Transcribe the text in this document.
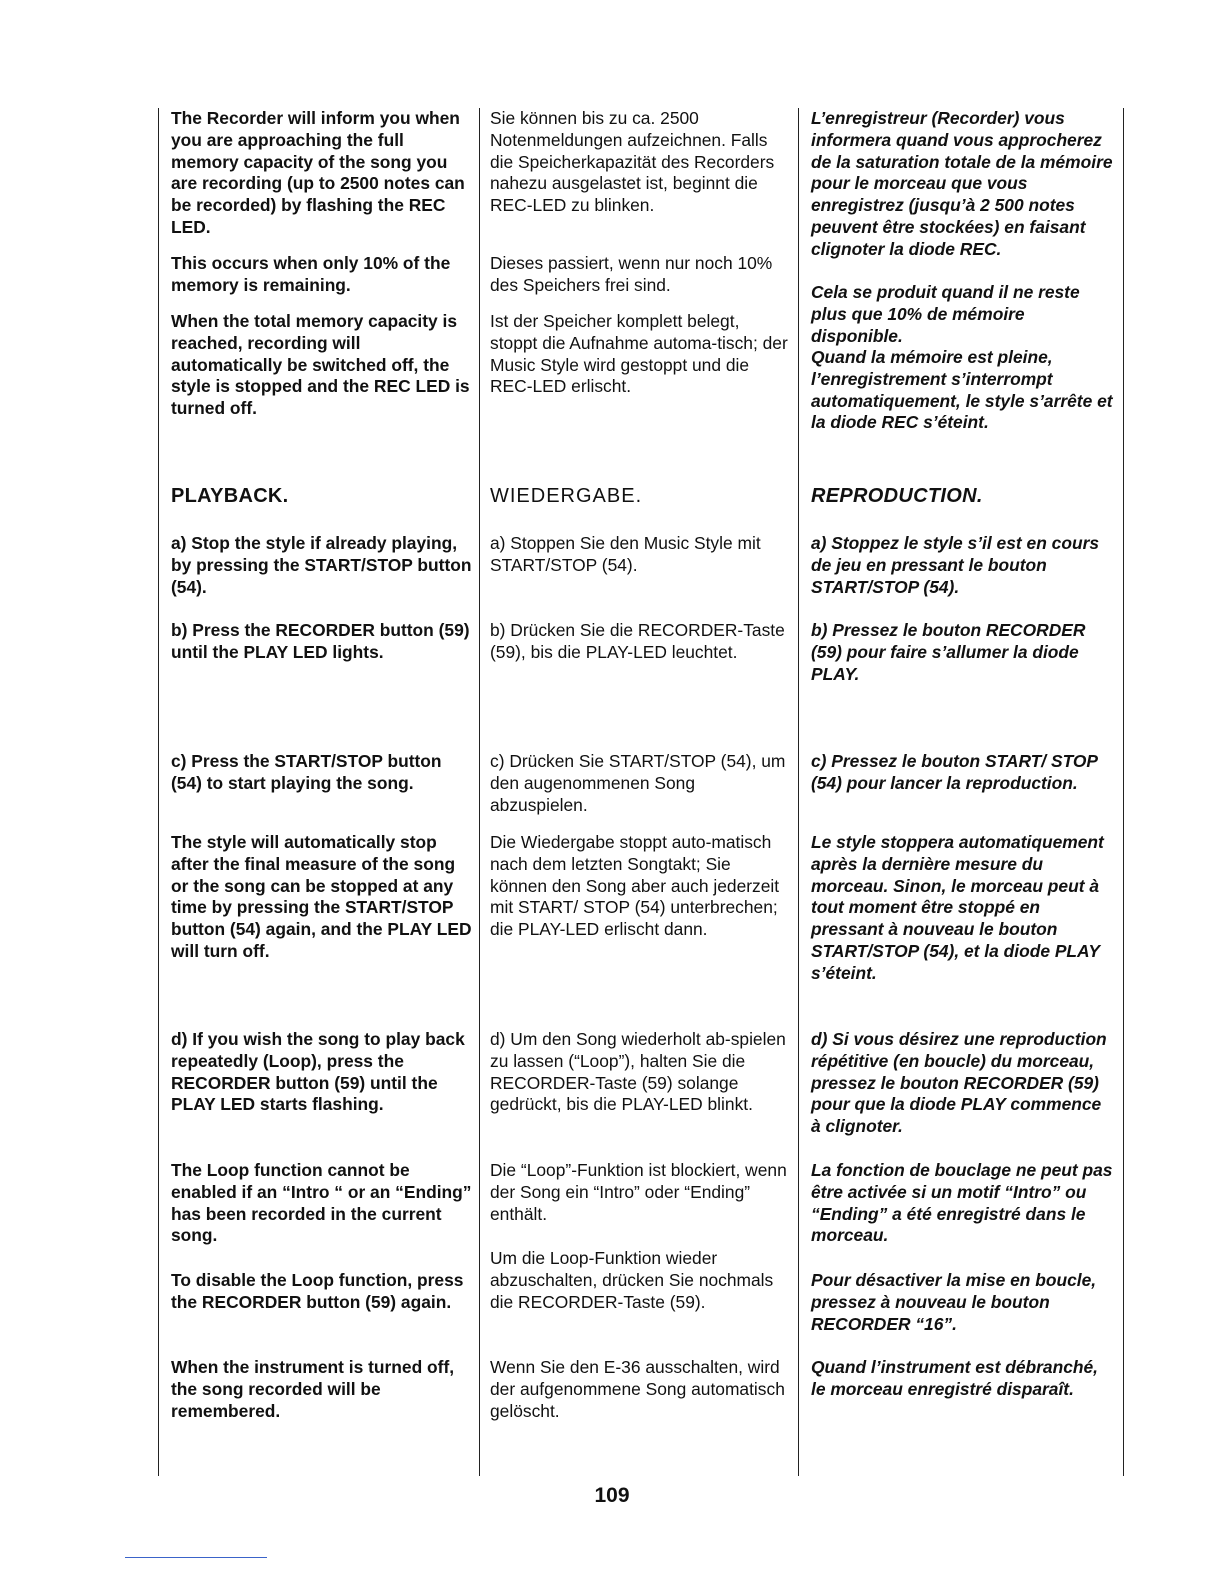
The Recorder will inform you when you are approaching the full memory capacity of the song you are recording (up to 2500 notes can be recorded) by flashing the REC LED.

This occurs when only 10% of the memory is remaining.

When the total memory capacity is reached, recording will automatically be switched off, the style is stopped and the REC LED is turned off.

PLAYBACK.

a) Stop the style if already playing, by pressing the START/STOP button (54).

b) Press the RECORDER button (59) until the PLAY LED lights.

c) Press the START/STOP button (54) to start playing the song.

The style will automatically stop after the final measure of the song or the song can be stopped at any time by pressing the START/STOP button (54) again, and the PLAY LED will turn off.

d) If you wish the song to play back repeatedly (Loop), press the RECORDER button (59) until the PLAY LED starts flashing.

The Loop function cannot be enabled if an “Intro “ or an “Ending” has been recorded in the current song.

To disable the Loop function, press the RECORDER button (59) again.

When the instrument is turned off, the song recorded will be remembered.

Sie können bis zu ca. 2500 Notenmeldungen aufzeichnen. Falls die Speicherkapazität des Recorders nahezu ausgelastet ist, beginnt die REC-LED zu blinken.

Dieses passiert, wenn nur noch 10% des Speichers frei sind.

Ist der Speicher komplett belegt, stoppt die Aufnahme automa-tisch; der Music Style wird gestoppt und die REC-LED erlischt.

WIEDERGABE.

a) Stoppen Sie den Music Style mit START/STOP (54).

b) Drücken Sie die RECORDER-Taste (59), bis die PLAY-LED leuchtet.

c) Drücken Sie START/STOP (54), um den augenommenen Song abzuspielen.

Die Wiedergabe stoppt auto-matisch nach dem letzten Songtakt; Sie können den Song aber auch jederzeit mit START/ STOP (54) unterbrechen; die PLAY-LED erlischt dann.

d) Um den Song wiederholt ab-spielen zu lassen (“Loop”), halten Sie die RECORDER-Taste (59) solange gedrückt, bis die PLAY-LED blinkt.

Die “Loop”-Funktion ist blockiert, wenn der Song ein “Intro” oder “Ending” enthält.

Um die Loop-Funktion wieder abzuschalten, drücken Sie nochmals die RECORDER-Taste (59).

Wenn Sie den E-36 ausschalten, wird der aufgenommene Song automatisch gelöscht.

L’enregistreur (Recorder) vous informera quand vous approcherez de la saturation totale de la mémoire pour le morceau que vous enregistrez (jusqu’à 2 500 notes peuvent être stockées) en faisant clignoter la diode REC.

Cela se produit quand il ne reste plus que 10% de mémoire disponible.

Quand la mémoire est pleine, l’enregistrement s’interrompt automatiquement, le style s’arrête et la diode REC s’éteint.

REPRODUCTION.

a) Stoppez le style s’il est en cours de jeu en pressant le bouton START/STOP (54).

b) Pressez le bouton RECORDER (59) pour faire s’allumer la diode PLAY.

c) Pressez le bouton START/ STOP (54) pour lancer la reproduction.

Le style stoppera automatiquement après la dernière mesure du morceau. Sinon, le morceau peut à tout moment être stoppé en pressant à nouveau le bouton START/STOP (54), et la diode PLAY s’éteint.

d) Si vous désirez une reproduction répétitive (en boucle) du morceau, pressez le bouton RECORDER (59) pour que la diode PLAY commence à clignoter.

La fonction de bouclage ne peut pas être activée si un motif “Intro” ou “Ending” a été enregistré dans le morceau.

Pour désactiver la mise en boucle, pressez à nouveau le bouton RECORDER “16”.

Quand l’instrument est débranché, le morceau enregistré disparaît.

109
